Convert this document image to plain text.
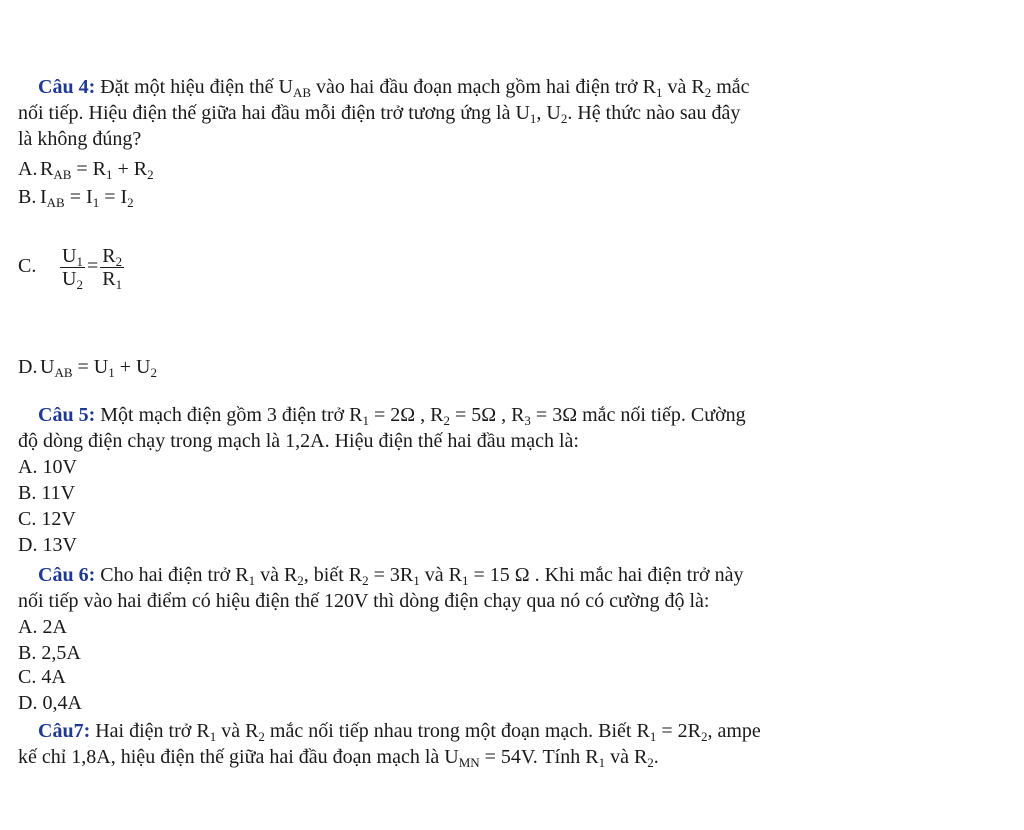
Câu 4: Đặt một hiệu điện thế $U_{AB}$ vào hai đầu đoạn mạch gồm hai điện trở $R_1$ và $R_2$ mắc
nối tiếp. Hiệu điện thế giữa hai đầu mỗi điện trở tương ứng là $U_1$, $U_2$. Hệ thức nào sau đây
là không đúng?
A. $R_{AB} = R_1 + R_2$
B. $I_{AB} = I_1 = I_2$
C. $\frac{U_1}{U_2} = \frac{R_2}{R_1}$
D. $U_{AB} = U_1 + U_2$
Câu 5: Một mạch điện gồm 3 điện trở $R_1 = 2\Omega$ , $R_2 = 5\Omega$ , $R_3 = 3\Omega$ mắc nối tiếp. Cường
độ dòng điện chạy trong mạch là 1,2A. Hiệu điện thế hai đầu mạch là:
A. 10V
B. 11V
C. 12V
D. 13V
Câu 6: Cho hai điện trở $R_1$ và $R_2$, biết $R_2 = 3R_1$ và $R_1 = 15$ Ω . Khi mắc hai điện trở này
nối tiếp vào hai điểm có hiệu điện thế 120V thì dòng điện chạy qua nó có cường độ là:
A. 2A
B. 2,5A
C. 4A
D. 0,4A
Câu7: Hai điện trở $R_1$ và $R_2$ mắc nối tiếp nhau trong một đoạn mạch. Biết $R_1 = 2R_2$, ampe
kế chỉ 1,8A, hiệu điện thế giữa hai đầu đoạn mạch là $U_{MN} = 54V$. Tính $R_1$ và $R_2$.
